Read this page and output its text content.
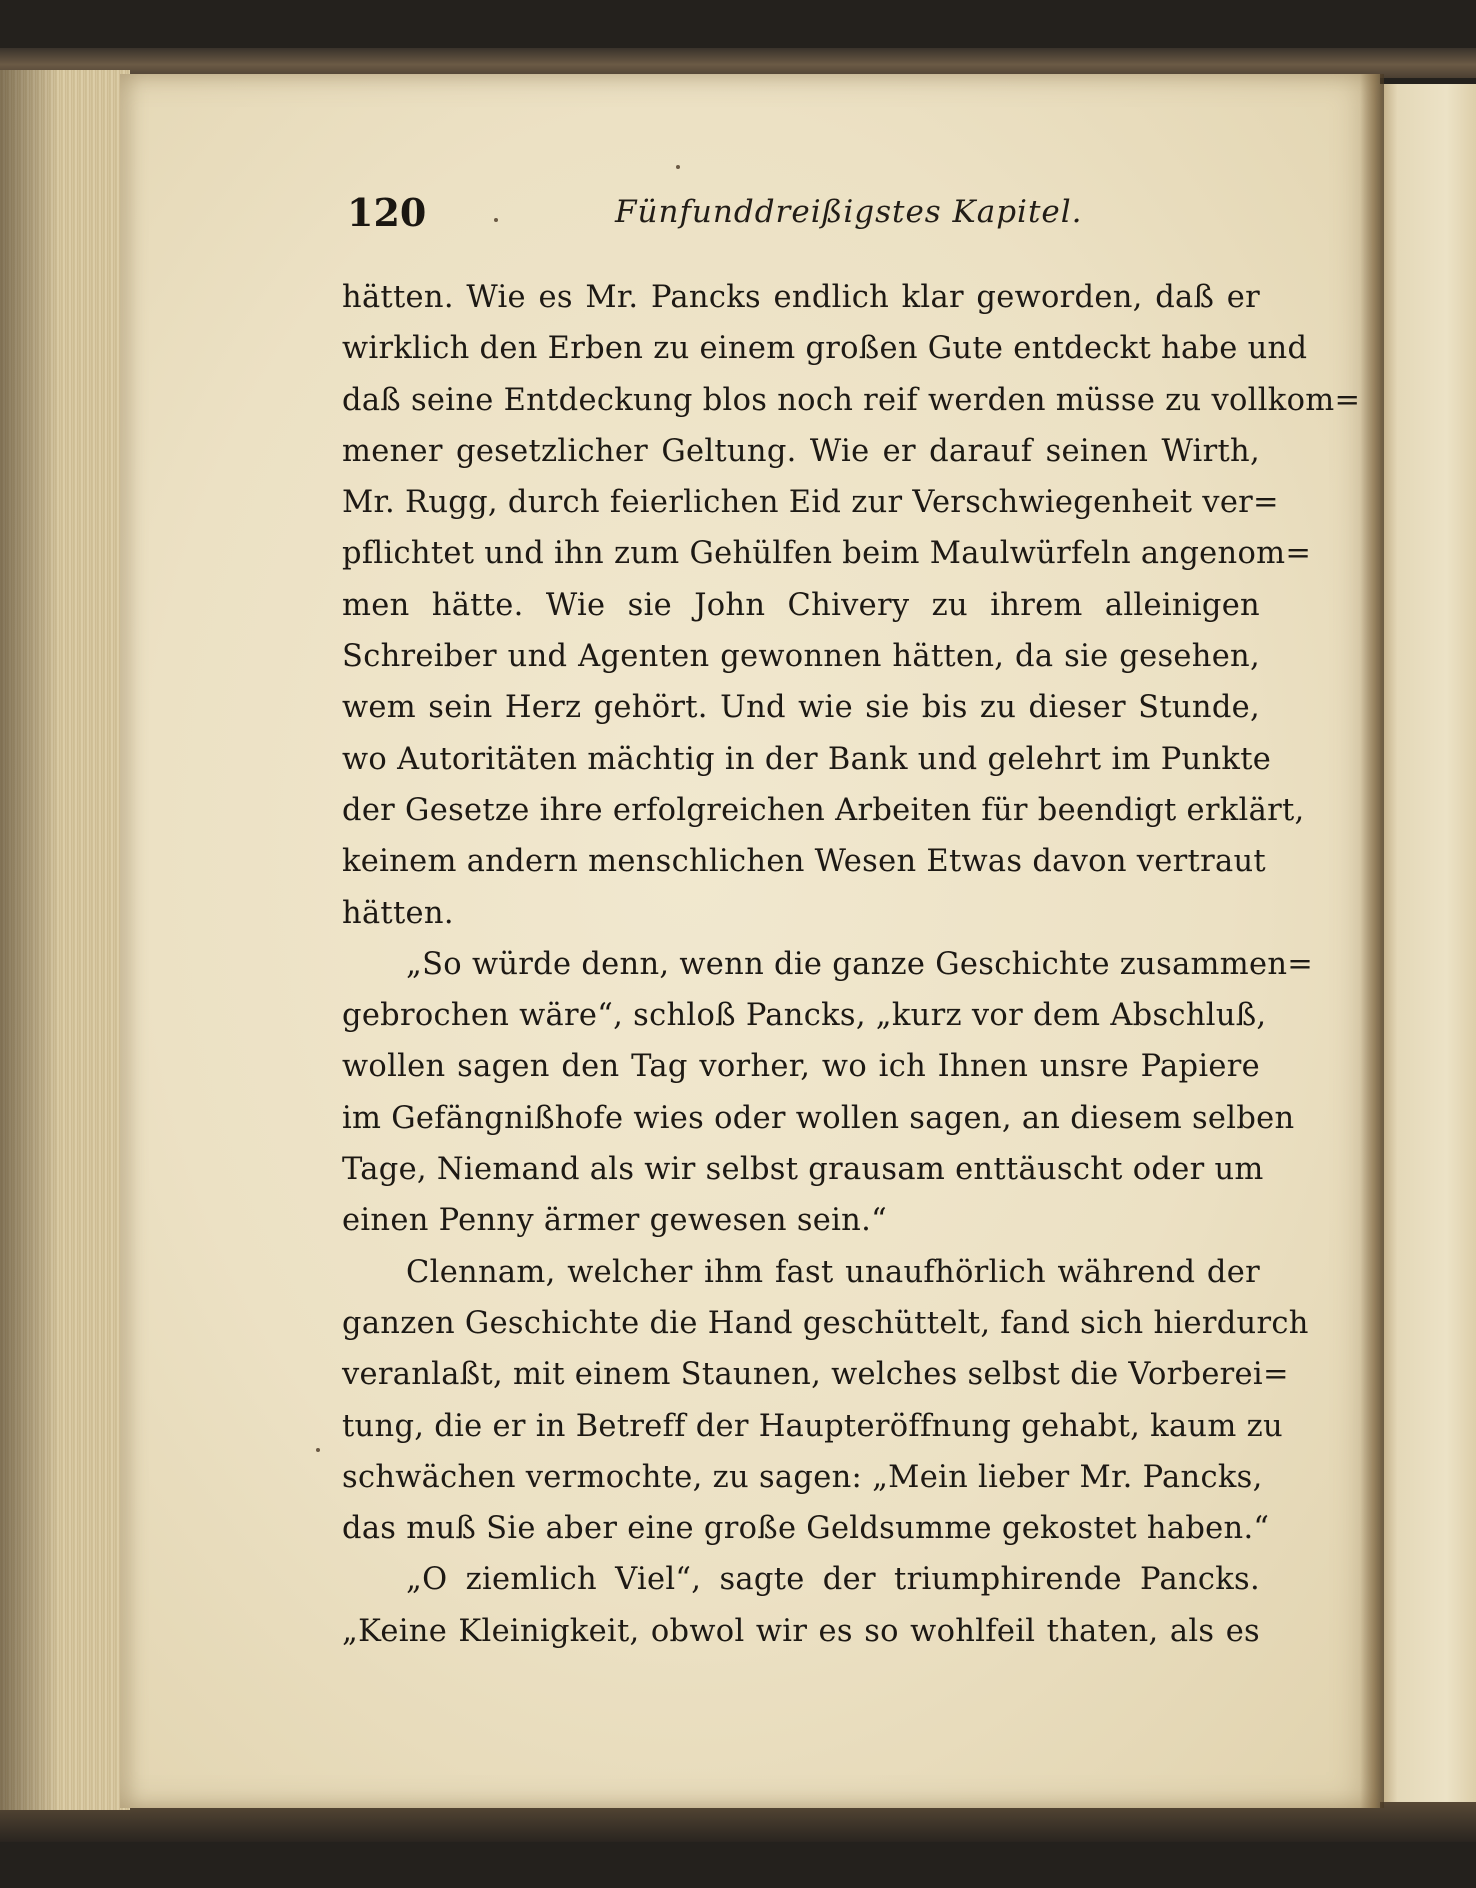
120	Fünfunddreißigstes Kapitel.
hätten. Wie es Mr. Pancks endlich klar geworden, daß er
wirklich den Erben zu einem großen Gute entdeckt habe und
daß seine Entdeckung blos noch reif werden müsse zu vollkom=
mener gesetzlicher Geltung. Wie er darauf seinen Wirth,
Mr. Rugg, durch feierlichen Eid zur Verschwiegenheit ver=
pflichtet und ihn zum Gehülfen beim Maulwürfeln angenom=
men hätte. Wie sie John Chivery zu ihrem alleinigen
Schreiber und Agenten gewonnen hätten, da sie gesehen,
wem sein Herz gehört. Und wie sie bis zu dieser Stunde,
wo Autoritäten mächtig in der Bank und gelehrt im Punkte
der Gesetze ihre erfolgreichen Arbeiten für beendigt erklärt,
keinem andern menschlichen Wesen Etwas davon vertraut
hätten.
„So würde denn, wenn die ganze Geschichte zusammen=
gebrochen wäre“, schloß Pancks, „kurz vor dem Abschluß,
wollen sagen den Tag vorher, wo ich Ihnen unsre Papiere
im Gefängnißhofe wies oder wollen sagen, an diesem selben
Tage, Niemand als wir selbst grausam enttäuscht oder um
einen Penny ärmer gewesen sein.“
Clennam, welcher ihm fast unaufhörlich während der
ganzen Geschichte die Hand geschüttelt, fand sich hierdurch
veranlaßt, mit einem Staunen, welches selbst die Vorberei=
tung, die er in Betreff der Haupteröffnung gehabt, kaum zu
schwächen vermochte, zu sagen: „Mein lieber Mr. Pancks,
das muß Sie aber eine große Geldsumme gekostet haben.“
„O ziemlich Viel“, sagte der triumphirende Pancks.
„Keine Kleinigkeit, obwol wir es so wohlfeil thaten, als es
